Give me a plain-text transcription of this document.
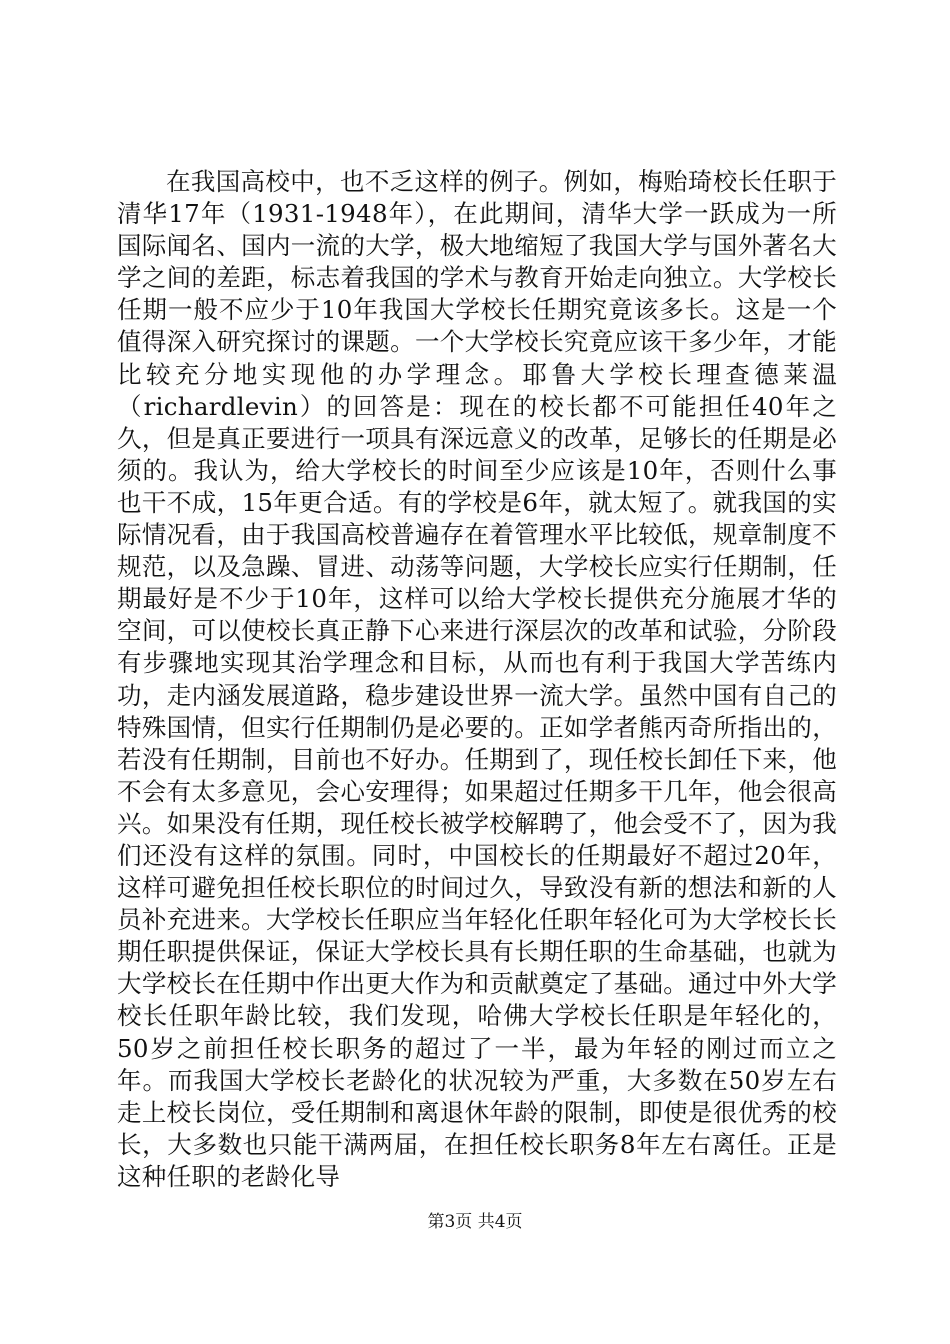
在我国高校中，也不乏这样的例子。例如，梅贻琦校长任职于清华17年（1931-1948年），在此期间，清华大学一跃成为一所国际闻名、国内一流的大学，极大地缩短了我国大学与国外著名大学之间的差距，标志着我国的学术与教育开始走向独立。大学校长任期一般不应少于10年我国大学校长任期究竟该多长。这是一个值得深入研究探讨的课题。一个大学校长究竟应该干多少年，才能比较充分地实现他的办学理念。耶鲁大学校长理查德莱温（richardlevin）的回答是：现在的校长都不可能担任40年之久，但是真正要进行一项具有深远意义的改革，足够长的任期是必须的。我认为，给大学校长的时间至少应该是10年，否则什么事也干不成，15年更合适。有的学校是6年，就太短了。就我国的实际情况看，由于我国高校普遍存在着管理水平比较低，规章制度不规范，以及急躁、冒进、动荡等问题，大学校长应实行任期制，任期最好是不少于10年，这样可以给大学校长提供充分施展才华的空间，可以使校长真正静下心来进行深层次的改革和试验，分阶段有步骤地实现其治学理念和目标，从而也有利于我国大学苦练内功，走内涵发展道路，稳步建设世界一流大学。虽然中国有自己的特殊国情，但实行任期制仍是必要的。正如学者熊丙奇所指出的，若没有任期制，目前也不好办。任期到了，现任校长卸任下来，他不会有太多意见，会心安理得；如果超过任期多干几年，他会很高兴。如果没有任期，现任校长被学校解聘了，他会受不了，因为我们还没有这样的氛围。同时，中国校长的任期最好不超过20年，这样可避免担任校长职位的时间过久，导致没有新的想法和新的人员补充进来。大学校长任职应当年轻化任职年轻化可为大学校长长期任职提供保证，保证大学校长具有长期任职的生命基础，也就为大学校长在任期中作出更大作为和贡献奠定了基础。通过中外大学校长任职年龄比较，我们发现，哈佛大学校长任职是年轻化的，50岁之前担任校长职务的超过了一半，最为年轻的刚过而立之年。而我国大学校长老龄化的状况较为严重，大多数在50岁左右走上校长岗位，受任期制和离退休年龄的限制，即使是很优秀的校长，大多数也只能干满两届，在担任校长职务8年左右离任。正是这种任职的老龄化导

第3页 共4页
